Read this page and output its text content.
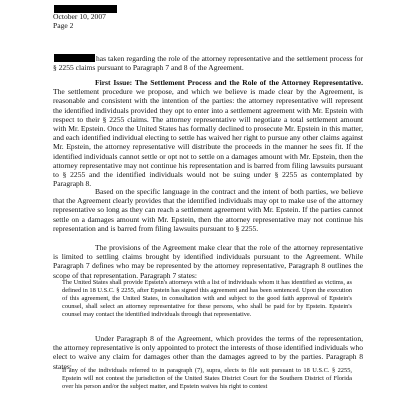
October 10, 2007
Page 2

has taken regarding the role of the attorney representative and the settlement process for § 2255 claims pursuant to Paragraph 7 and 8 of the Agreement.

First Issue: The Settlement Process and the Role of the Attorney Representative. The settlement procedure we propose, and which we believe is made clear by the Agreement, is reasonable and consistent with the intention of the parties: the attorney representative will represent the identified individuals provided they opt to enter into a settlement agreement with Mr. Epstein with respect to their § 2255 claims. The attorney representative will negotiate a total settlement amount with Mr. Epstein. Once the United States has formally declined to prosecute Mr. Epstein in this matter, and each identified individual electing to settle has waived her right to pursue any other claims against Mr. Epstein, the attorney representative will distribute the proceeds in the manner he sees fit. If the identified individuals cannot settle or opt not to settle on a damages amount with Mr. Epstein, then the attorney representative may not continue his representation and is barred from filing lawsuits pursuant to § 2255 and the identified individuals would not be suing under § 2255 as contemplated by Paragraph 8.

Based on the specific language in the contract and the intent of both parties, we believe that the Agreement clearly provides that the identified individuals may opt to make use of the attorney representative so long as they can reach a settlement agreement with Mr. Epstein. If the parties cannot settle on a damages amount with Mr. Epstein, then the attorney representative may not continue his representation and is barred from filing lawsuits pursuant to § 2255.

The provisions of the Agreement make clear that the role of the attorney representative is limited to settling claims brought by identified individuals pursuant to the Agreement. While Paragraph 7 defines who may be represented by the attorney representative, Paragraph 8 outlines the scope of that representation. Paragraph 7 states:

The United States shall provide Epstein's attorneys with a list of individuals whom it has identified as victims, as defined in 18 U.S.C. § 2255, after Epstein has signed this agreement and has been sentenced. Upon the execution of this agreement, the United States, in consultation with and subject to the good faith approval of Epstein's counsel, shall select an attorney representative for these persons, who shall be paid for by Epstein. Epstein's counsel may contact the identified individuals through that representative.

Under Paragraph 8 of the Agreement, which provides the terms of the representation, the attorney representative is only appointed to protect the interests of those identified individuals who elect to waive any claim for damages other than the damages agreed to by the parties. Paragraph 8 states:

If any of the individuals referred to in paragraph (7), supra, elects to file suit pursuant to 18 U.S.C. § 2255, Epstein will not contest the jurisdiction of the United States District Court for the Southern District of Florida over his person and/or the subject matter, and Epstein waives his right to contest
